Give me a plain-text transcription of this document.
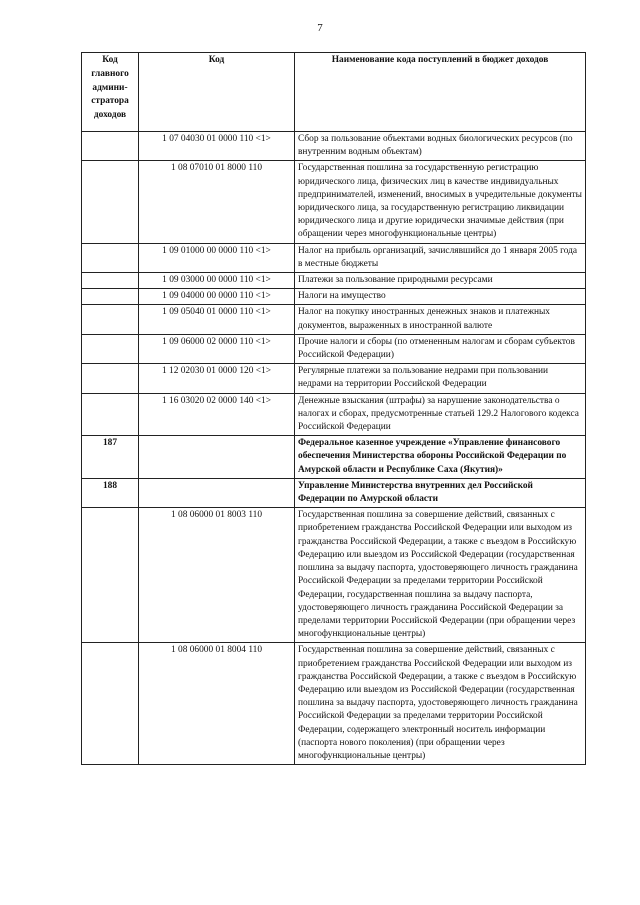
7
Код главного админи-стратора доходов	Код	Наименование кода поступлений в бюджет доходов
	1 07 04030 01 0000 110 <1>	Сбор за пользование объектами водных биологических ресурсов (по внутренним водным объектам)
	1 08 07010 01 8000 110	Государственная пошлина за государственную регистрацию юридического лица, физических лиц в качестве индивидуальных предпринимателей, изменений, вносимых в учредительные документы юридического лица, за государственную регистрацию ликвидации юридического лица и другие юридически значимые действия (при обращении через многофункциональные центры)
	1 09 01000 00 0000 110 <1>	Налог на прибыль организаций, зачислявшийся до 1 января 2005 года в местные бюджеты
	1 09 03000 00 0000 110 <1>	Платежи за пользование природными ресурсами
	1 09 04000 00 0000 110 <1>	Налоги на имущество
	1 09 05040 01 0000 110 <1>	Налог на покупку иностранных денежных знаков и платежных документов, выраженных в иностранной валюте
	1 09 06000 02 0000 110 <1>	Прочие налоги и сборы (по отмененным налогам и сборам субъектов Российской Федерации)
	1 12 02030 01 0000 120 <1>	Регулярные платежи за пользование недрами при пользовании недрами на территории Российской Федерации
	1 16 03020 02 0000 140 <1>	Денежные взыскания (штрафы) за нарушение законодательства о налогах и сборах, предусмотренные статьей 129.2 Налогового кодекса Российской Федерации
187		Федеральное казенное учреждение «Управление финансового обеспечения Министерства обороны Российской Федерации по Амурской области и Республике Саха (Якутия)»
188		Управление Министерства внутренних дел Российской Федерации по Амурской области
	1 08 06000 01 8003 110	Государственная пошлина за совершение действий, связанных с приобретением гражданства Российской Федерации или выходом из гражданства Российской Федерации, а также с въездом в Российскую Федерацию или выездом из Российской Федерации (государственная пошлина за выдачу паспорта, удостоверяющего личность гражданина Российской Федерации за пределами территории Российской Федерации, государственная пошлина за выдачу паспорта, удостоверяющего личность гражданина Российской Федерации за пределами территории Российской Федерации (при обращении через многофункциональные центры)
	1 08 06000 01 8004 110	Государственная пошлина за совершение действий, связанных с приобретением гражданства Российской Федерации или выходом из гражданства Российской Федерации, а также с въездом в Российскую Федерацию или выездом из Российской Федерации (государственная пошлина за выдачу паспорта, удостоверяющего личность гражданина Российской Федерации за пределами территории Российской Федерации, содержащего электронный носитель информации (паспорта нового поколения) (при обращении через многофункциональные центры)
